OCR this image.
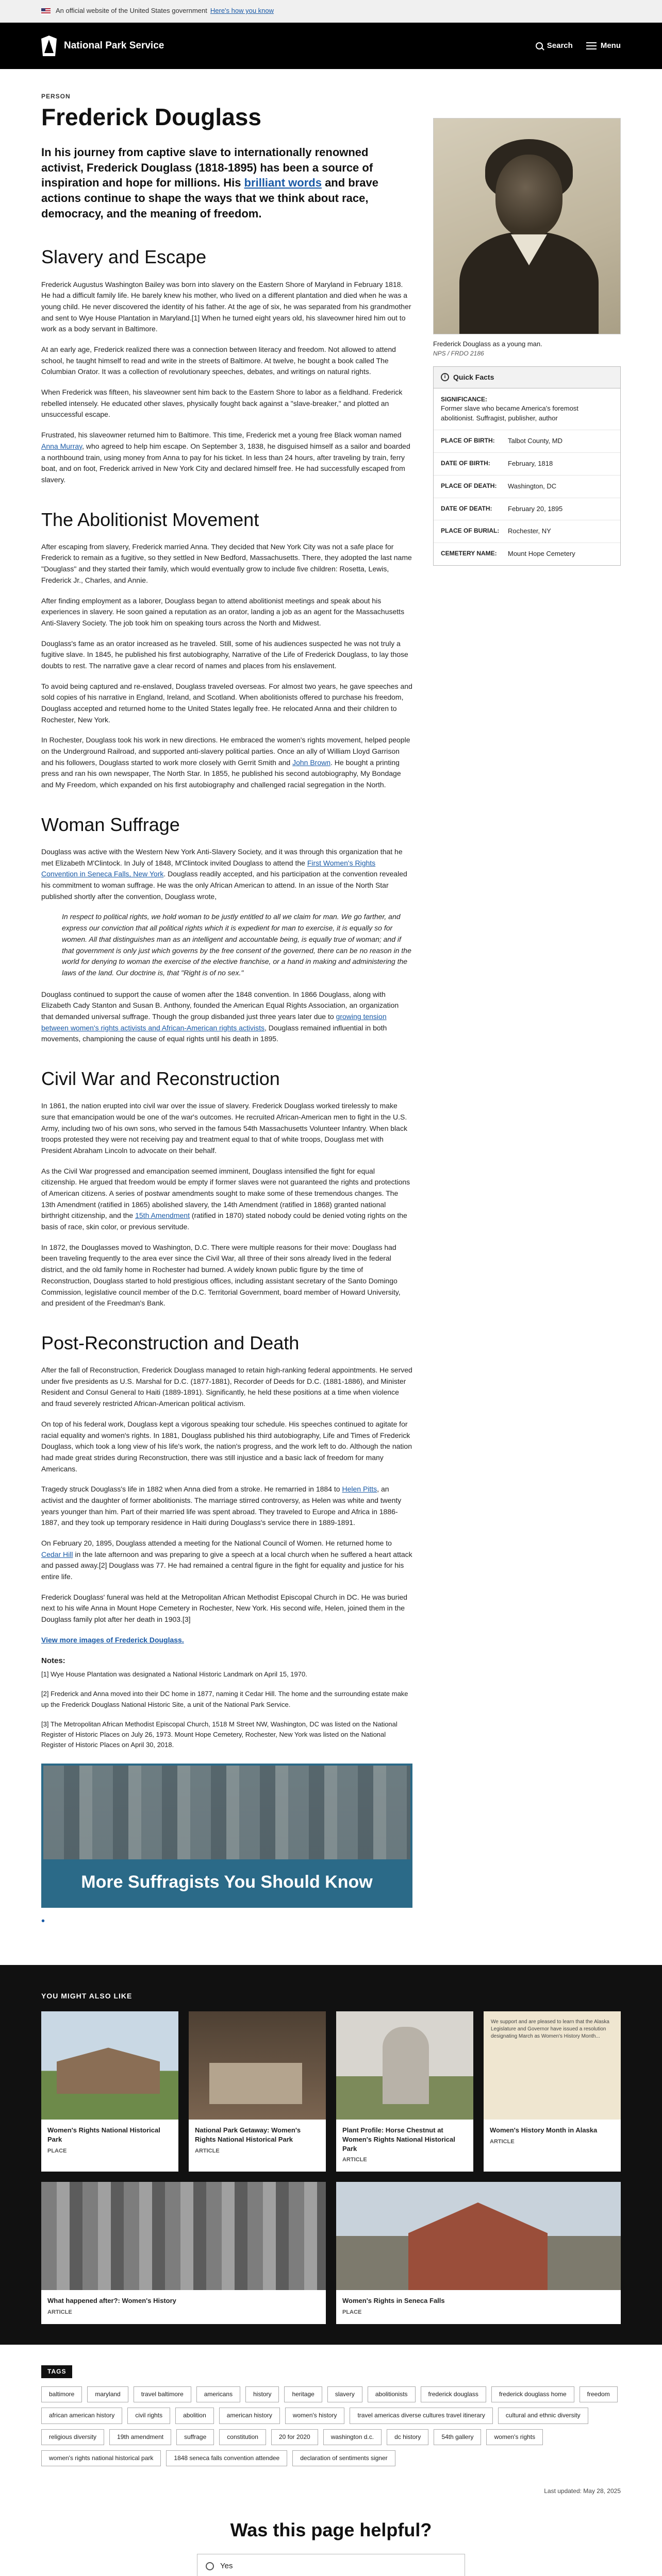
An official website of the United States government Here's how you know
National Park Service	Search	Menu
PERSON
Frederick Douglass
In his journey from captive slave to internationally renowned activist, Frederick Douglass (1818-1895) has been a source of inspiration and hope for millions. His brilliant words and brave actions continue to shape the ways that we think about race, democracy, and the meaning of freedom.
Slavery and Escape

Frederick Augustus Washington Bailey was born into slavery on the Eastern Shore of Maryland in February 1818. He had a difficult family life. He barely knew his mother, who lived on a different plantation and died when he was a young child. He never discovered the identity of his father. At the age of six, he was separated from his grandmother and sent to Wye House Plantation in Maryland.[1] When he turned eight years old, his slaveowner hired him out to work as a body servant in Baltimore.

At an early age, Frederick realized there was a connection between literacy and freedom. Not allowed to attend school, he taught himself to read and write in the streets of Baltimore. At twelve, he bought a book called The Columbian Orator. It was a collection of revolutionary speeches, debates, and writings on natural rights.

When Frederick was fifteen, his slaveowner sent him back to the Eastern Shore to labor as a fieldhand. Frederick rebelled intensely. He educated other slaves, physically fought back against a "slave-breaker," and plotted an unsuccessful escape.

Frustrated, his slaveowner returned him to Baltimore. This time, Frederick met a young free Black woman named Anna Murray, who agreed to help him escape. On September 3, 1838, he disguised himself as a sailor and boarded a northbound train, using money from Anna to pay for his ticket. In less than 24 hours, after traveling by train, ferry boat, and on foot, Frederick arrived in New York City and declared himself free. He had successfully escaped from slavery.

The Abolitionist Movement

After escaping from slavery, Frederick married Anna. They decided that New York City was not a safe place for Frederick to remain as a fugitive, so they settled in New Bedford, Massachusetts. There, they adopted the last name "Douglass" and they started their family, which would eventually grow to include five children: Rosetta, Lewis, Frederick Jr., Charles, and Annie.

After finding employment as a laborer, Douglass began to attend abolitionist meetings and speak about his experiences in slavery. He soon gained a reputation as an orator, landing a job as an agent for the Massachusetts Anti-Slavery Society. The job took him on speaking tours across the North and Midwest.

Douglass's fame as an orator increased as he traveled. Still, some of his audiences suspected he was not truly a fugitive slave. In 1845, he published his first autobiography, Narrative of the Life of Frederick Douglass, to lay those doubts to rest. The narrative gave a clear record of names and places from his enslavement.

To avoid being captured and re-enslaved, Douglass traveled overseas. For almost two years, he gave speeches and sold copies of his narrative in England, Ireland, and Scotland. When abolitionists offered to purchase his freedom, Douglass accepted and returned home to the United States legally free. He relocated Anna and their children to Rochester, New York.

In Rochester, Douglass took his work in new directions. He embraced the women's rights movement, helped people on the Underground Railroad, and supported anti-slavery political parties. Once an ally of William Lloyd Garrison and his followers, Douglass started to work more closely with Gerrit Smith and John Brown. He bought a printing press and ran his own newspaper, The North Star. In 1855, he published his second autobiography, My Bondage and My Freedom, which expanded on his first autobiography and challenged racial segregation in the North.

Woman Suffrage

Douglass was active with the Western New York Anti-Slavery Society, and it was through this organization that he met Elizabeth M'Clintock. In July of 1848, M'Clintock invited Douglass to attend the First Women's Rights Convention in Seneca Falls, New York. Douglass readily accepted, and his participation at the convention revealed his commitment to woman suffrage. He was the only African American to attend. In an issue of the North Star published shortly after the convention, Douglass wrote,

In respect to political rights, we hold woman to be justly entitled to all we claim for man. We go farther, and express our conviction that all political rights which it is expedient for man to exercise, it is equally so for women. All that distinguishes man as an intelligent and accountable being, is equally true of woman; and if that government is only just which governs by the free consent of the governed, there can be no reason in the world for denying to woman the exercise of the elective franchise, or a hand in making and administering the laws of the land. Our doctrine is, that "Right is of no sex."

Douglass continued to support the cause of women after the 1848 convention. In 1866 Douglass, along with Elizabeth Cady Stanton and Susan B. Anthony, founded the American Equal Rights Association, an organization that demanded universal suffrage. Though the group disbanded just three years later due to growing tension between women's rights activists and African-American rights activists, Douglass remained influential in both movements, championing the cause of equal rights until his death in 1895.

Civil War and Reconstruction

In 1861, the nation erupted into civil war over the issue of slavery. Frederick Douglass worked tirelessly to make sure that emancipation would be one of the war's outcomes. He recruited African-American men to fight in the U.S. Army, including two of his own sons, who served in the famous 54th Massachusetts Volunteer Infantry. When black troops protested they were not receiving pay and treatment equal to that of white troops, Douglass met with President Abraham Lincoln to advocate on their behalf.

As the Civil War progressed and emancipation seemed imminent, Douglass intensified the fight for equal citizenship. He argued that freedom would be empty if former slaves were not guaranteed the rights and protections of American citizens. A series of postwar amendments sought to make some of these tremendous changes. The 13th Amendment (ratified in 1865) abolished slavery, the 14th Amendment (ratified in 1868) granted national birthright citizenship, and the 15th Amendment (ratified in 1870) stated nobody could be denied voting rights on the basis of race, skin color, or previous servitude.

In 1872, the Douglasses moved to Washington, D.C. There were multiple reasons for their move: Douglass had been traveling frequently to the area ever since the Civil War, all three of their sons already lived in the federal district, and the old family home in Rochester had burned. A widely known public figure by the time of Reconstruction, Douglass started to hold prestigious offices, including assistant secretary of the Santo Domingo Commission, legislative council member of the D.C. Territorial Government, board member of Howard University, and president of the Freedman's Bank.

Post-Reconstruction and Death

After the fall of Reconstruction, Frederick Douglass managed to retain high-ranking federal appointments. He served under five presidents as U.S. Marshal for D.C. (1877-1881), Recorder of Deeds for D.C. (1881-1886), and Minister Resident and Consul General to Haiti (1889-1891). Significantly, he held these positions at a time when violence and fraud severely restricted African-American political activism.

On top of his federal work, Douglass kept a vigorous speaking tour schedule. His speeches continued to agitate for racial equality and women's rights. In 1881, Douglass published his third autobiography, Life and Times of Frederick Douglass, which took a long view of his life's work, the nation's progress, and the work left to do. Although the nation had made great strides during Reconstruction, there was still injustice and a basic lack of freedom for many Americans.

Tragedy struck Douglass's life in 1882 when Anna died from a stroke. He remarried in 1884 to Helen Pitts, an activist and the daughter of former abolitionists. The marriage stirred controversy, as Helen was white and twenty years younger than him. Part of their married life was spent abroad. They traveled to Europe and Africa in 1886-1887, and they took up temporary residence in Haiti during Douglass's service there in 1889-1891.

On February 20, 1895, Douglass attended a meeting for the National Council of Women. He returned home to Cedar Hill in the late afternoon and was preparing to give a speech at a local church when he suffered a heart attack and passed away.[2] Douglass was 77. He had remained a central figure in the fight for equality and justice for his entire life.

Frederick Douglass' funeral was held at the Metropolitan African Methodist Episcopal Church in DC. He was buried next to his wife Anna in Mount Hope Cemetery in Rochester, New York. His second wife, Helen, joined them in the Douglass family plot after her death in 1903.[3]

View more images of Frederick Douglass.

Notes:

[1] Wye House Plantation was designated a National Historic Landmark on April 15, 1970.

[2] Frederick and Anna moved into their DC home in 1877, naming it Cedar Hill. The home and the surrounding estate make up the Frederick Douglass National Historic Site, a unit of the National Park Service.

[3] The Metropolitan African Methodist Episcopal Church, 1518 M Street NW, Washington, DC was listed on the National Register of Historic Places on July 26, 1973. Mount Hope Cemetery, Rochester, New York was listed on the National Register of Historic Places on April 30, 2018.

More Suffragists You Should Know
•
Frederick Douglass as a young man.
NPS / FRDO 2186
i	Quick Facts
SIGNIFICANCE:
Former slave who became America's foremost abolitionist. Suffragist, publisher, author
PLACE OF BIRTH:	Talbot County, MD
DATE OF BIRTH:	February, 1818
PLACE OF DEATH:	Washington, DC
DATE OF DEATH:	February 20, 1895
PLACE OF BURIAL:	Rochester, NY
CEMETERY NAME:	Mount Hope Cemetery
YOU MIGHT ALSO LIKE
Women's Rights National Historical Park
PLACE
National Park Getaway: Women's Rights National Historical Park
ARTICLE
Plant Profile: Horse Chestnut at Women's Rights National Historical Park
ARTICLE
We support and are pleased to learn that the Alaska Legislature and Governor have issued a resolution designating March as Women's History Month...
Women's History Month in Alaska
ARTICLE
What happened after?: Women's History
ARTICLE
Women's Rights in Seneca Falls
PLACE
TAGS
baltimore	maryland	travel baltimore	americans	history	heritage	slavery	abolitionists	frederick douglass	frederick douglass home	freedom
african american history	civil rights	abolition	american history	women's history	travel americas diverse cultures travel itinerary	cultural and ethnic diversity
religious diversity	19th amendment	suffrage	constitution	20 for 2020	washington d.c.	dc history	54th gallery	women's rights
women's rights national historical park	1848 seneca falls convention attendee	declaration of sentiments signer
Last updated: May 28, 2025
Was this page helpful?
Yes
